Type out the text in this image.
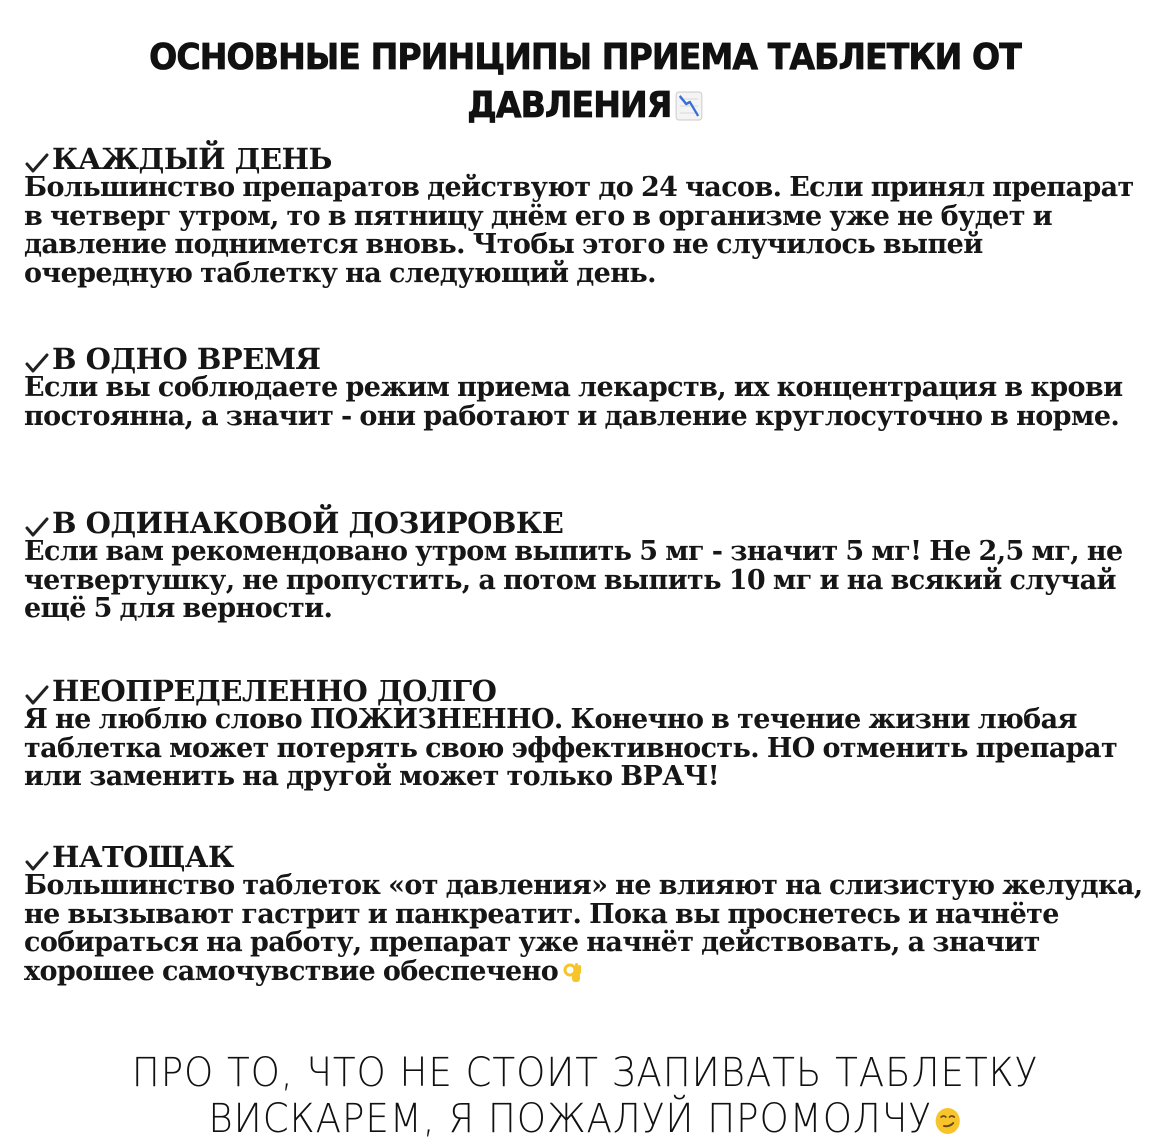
ОСНОВНЫЕ ПРИНЦИПЫ ПРИЕМА ТАБЛЕТКИ ОТ
ДАВЛЕНИЯ
КАЖДЫЙ ДЕНЬ
Большинство препаратов действуют до 24 часов. Если принял препарат в четверг утром, то в пятницу днём его в организме уже не будет и давление поднимется вновь. Чтобы этого не случилось выпей очередную таблетку на следующий день.
В ОДНО ВРЕМЯ
Если вы соблюдаете режим приема лекарств, их концентрация в крови постоянна, а значит - они работают и давление круглосуточно в норме.
В ОДИНАКОВОЙ ДОЗИРОВКЕ
Если вам рекомендовано утром выпить 5 мг - значит 5 мг! Не 2,5 мг, не четвертушку, не пропустить, а потом выпить 10 мг и на всякий случай ещё 5 для верности.
НЕОПРЕДЕЛЕННО ДОЛГО
Я не люблю слово ПОЖИЗНЕННО. Конечно в течение жизни любая таблетка может потерять свою эффективность. НО отменить препарат или заменить на другой может только ВРАЧ!
НАТОЩАК
Большинство таблеток «от давления» не влияют на слизистую желудка, не вызывают гастрит и панкреатит. Пока вы проснетесь и начнёте собираться на работу, препарат уже начнёт действовать, а значит хорошее самочувствие обеспечено
ПРО ТО, ЧТО НЕ СТОИТ ЗАПИВАТЬ ТАБЛЕТКУ
ВИСКАРЕМ, Я ПОЖАЛУЙ ПРОМОЛЧУ
